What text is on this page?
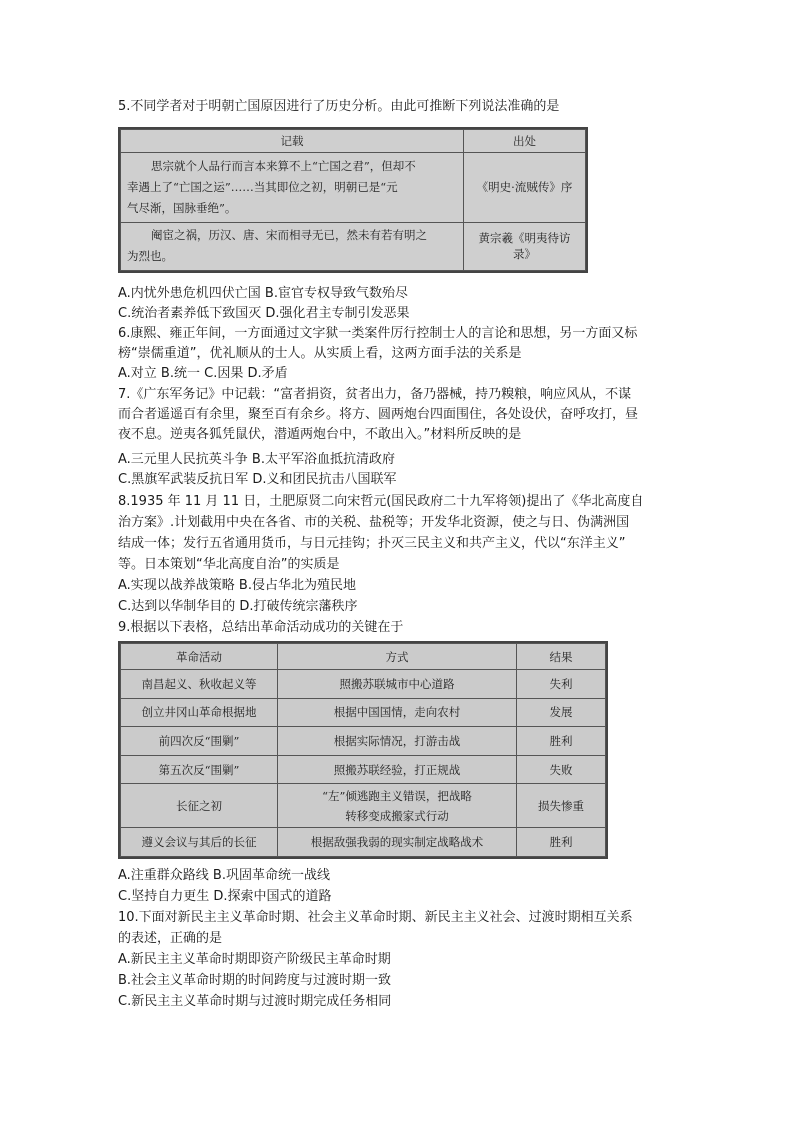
5.不同学者对于明朝亡国原因进行了历史分析。由此可推断下列说法准确的是
记载	出处

思宗就个人品行而言本来算不上“亡国之君”，但却不
幸遇上了“亡国之运”……当其即位之初，明朝已是“元
气尽渐，国脉垂绝”。	《明史·流贼传》序

阉宦之祸，历汉、唐、宋而相寻无已，然未有若有明之
为烈也。	黄宗羲《明夷待访录》
A.内忧外患危机四伏亡国 B.宦官专权导致气数殆尽
C.统治者素养低下致国灭 D.强化君主专制引发恶果
6.康熙、雍正年间，一方面通过文字狱一类案件厉行控制士人的言论和思想，另一方面又标
榜“崇儒重道”，优礼顺从的士人。从实质上看，这两方面手法的关系是
A.对立 B.统一 C.因果 D.矛盾
7.《广东军务记》中记载：“富者捐资，贫者出力，备乃器械，持乃糗粮，响应风从，不谋
而合者遥遥百有余里，聚至百有余乡。将方、圆两炮台四面围住，各处设伏，奋呼攻打，昼
夜不息。逆夷各狐凭鼠伏，潜遁两炮台中，不敢出入。”材料所反映的是
A.三元里人民抗英斗争 B.太平军浴血抵抗清政府
C.黑旗军武装反抗日军 D.义和团民抗击八国联军
8.1935 年 11 月 11 日，土肥原贤二向宋哲元(国民政府二十九军将领)提出了《华北高度自
治方案》.计划截用中央在各省、市的关税、盐税等；开发华北资源，使之与日、伪满洲国
结成一体；发行五省通用货币，与日元挂钩；扑灭三民主义和共产主义，代以“东洋主义”
等。日本策划“华北高度自治”的实质是
A.实现以战养战策略 B.侵占华北为殖民地
C.达到以华制华目的 D.打破传统宗藩秩序
9.根据以下表格，总结出革命活动成功的关键在于
革命活动	方式	结果
南昌起义、秋收起义等	照搬苏联城市中心道路	失利
创立井冈山革命根据地	根据中国国情，走向农村	发展
前四次反“围剿”	根据实际情况，打游击战	胜利
第五次反“围剿”	照搬苏联经验，打正规战	失败
长征之初	“左”倾逃跑主义错误，把战略
转移变成搬家式行动	损失惨重
遵义会议与其后的长征	根据敌强我弱的现实制定战略战术	胜利
A.注重群众路线 B.巩固革命统一战线
C.坚持自力更生 D.探索中国式的道路
10.下面对新民主主义革命时期、社会主义革命时期、新民主主义社会、过渡时期相互关系
的表述，正确的是
A.新民主主义革命时期即资产阶级民主革命时期
B.社会主义革命时期的时间跨度与过渡时期一致
C.新民主主义革命时期与过渡时期完成任务相同
